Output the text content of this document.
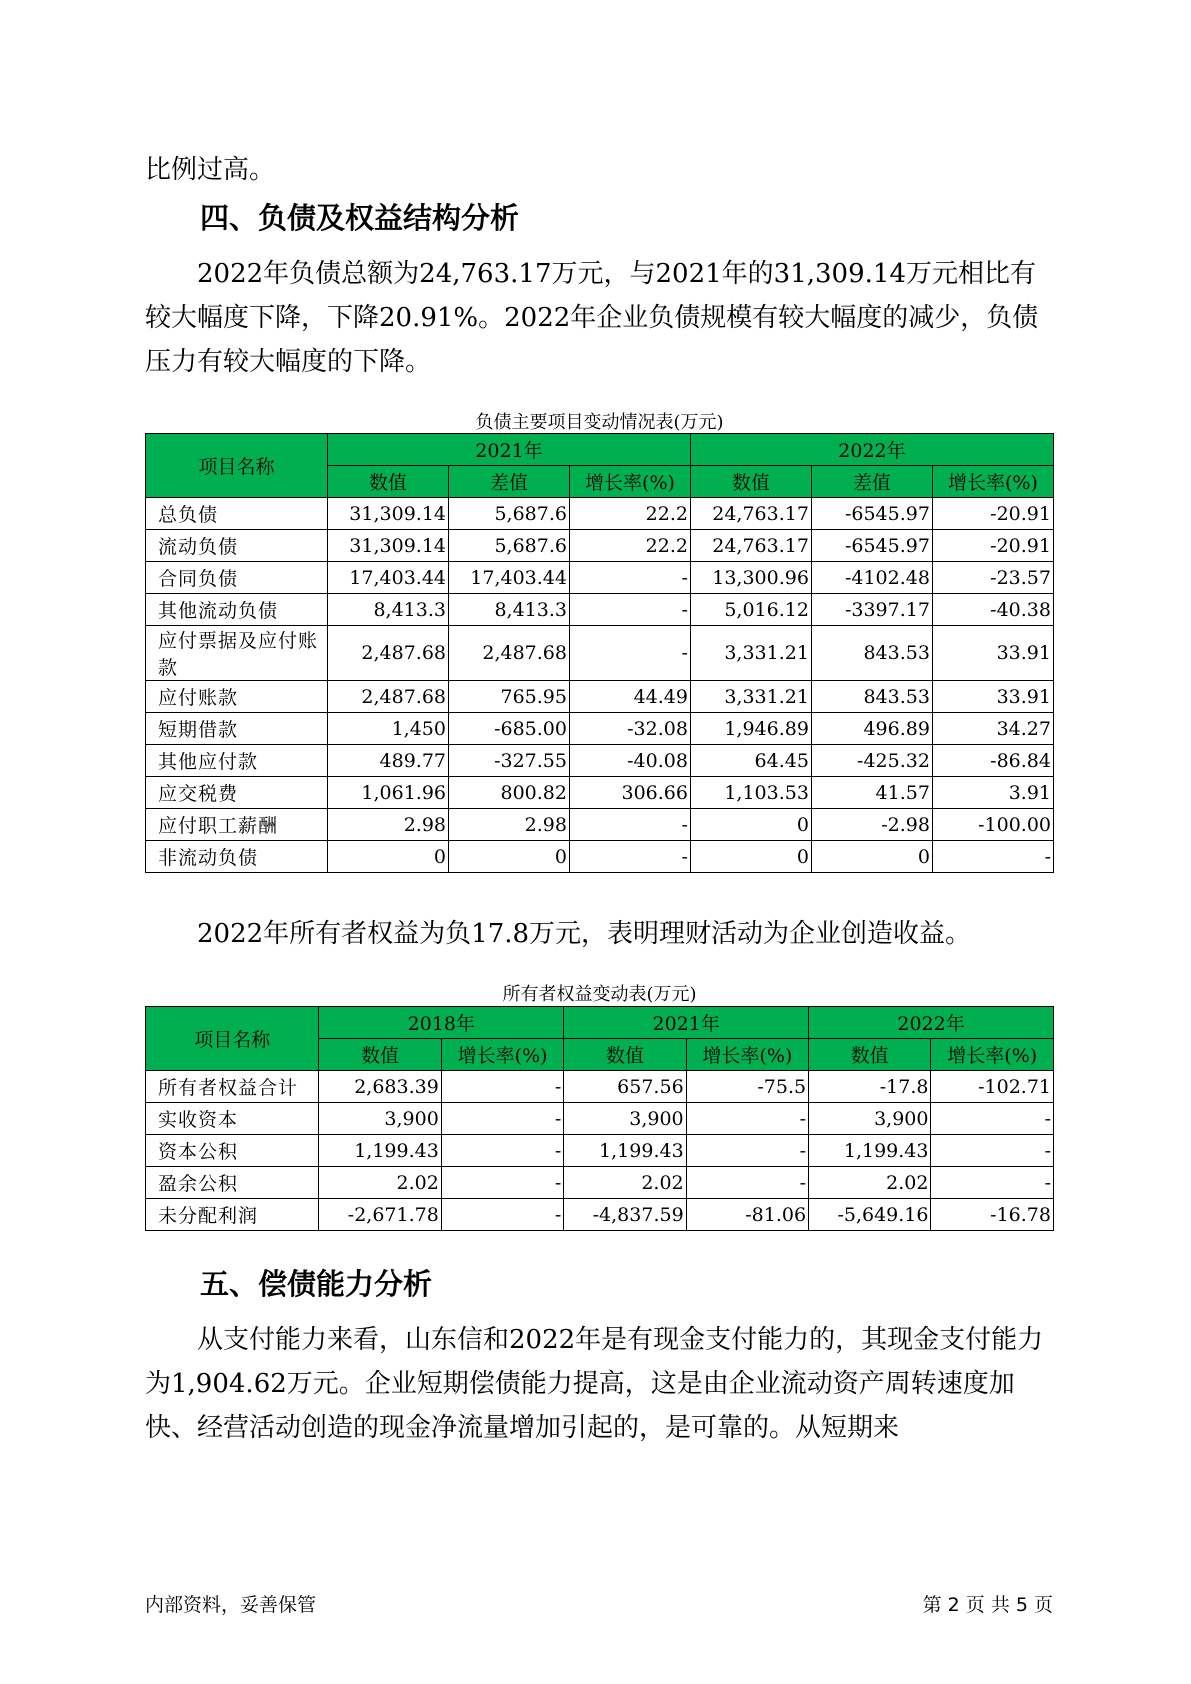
比例过高。

四、负债及权益结构分析

2022年负债总额为24,763.17万元，与2021年的31,309.14万元相比有较大幅度下降，下降20.91%。2022年企业负债规模有较大幅度的减少，负债压力有较大幅度的下降。

负债主要项目变动情况表(万元)

项目名称	2021年			2022年		
	数值	差值	增长率(%)	数值	差值	增长率(%)
总负债	31,309.14	5,687.6	22.2	24,763.17	-6545.97	-20.91
流动负债	31,309.14	5,687.6	22.2	24,763.17	-6545.97	-20.91
合同负债	17,403.44	17,403.44	-	13,300.96	-4102.48	-23.57
其他流动负债	8,413.3	8,413.3	-	5,016.12	-3397.17	-40.38
应付票据及应付账款	2,487.68	2,487.68	-	3,331.21	843.53	33.91
应付账款	2,487.68	765.95	44.49	3,331.21	843.53	33.91
短期借款	1,450	-685.00	-32.08	1,946.89	496.89	34.27
其他应付款	489.77	-327.55	-40.08	64.45	-425.32	-86.84
应交税费	1,061.96	800.82	306.66	1,103.53	41.57	3.91
应付职工薪酬	2.98	2.98	-	0	-2.98	-100.00
非流动负债	0	0	-	0	0	-

2022年所有者权益为负17.8万元，表明理财活动为企业创造收益。

所有者权益变动表(万元)

项目名称	2018年		2021年		2022年	
	数值	增长率(%)	数值	增长率(%)	数值	增长率(%)
所有者权益合计	2,683.39	-	657.56	-75.5	-17.8	-102.71
实收资本	3,900	-	3,900	-	3,900	-
资本公积	1,199.43	-	1,199.43	-	1,199.43	-
盈余公积	2.02	-	2.02	-	2.02	-
未分配利润	-2,671.78	-	-4,837.59	-81.06	-5,649.16	-16.78
五、偿债能力分析

从支付能力来看，山东信和2022年是有现金支付能力的，其现金支付能力为1,904.62万元。企业短期偿债能力提高，这是由企业流动资产周转速度加快、经营活动创造的现金净流量增加引起的，是可靠的。从短期来

内部资料，妥善保管	第 2 页 共 5 页
